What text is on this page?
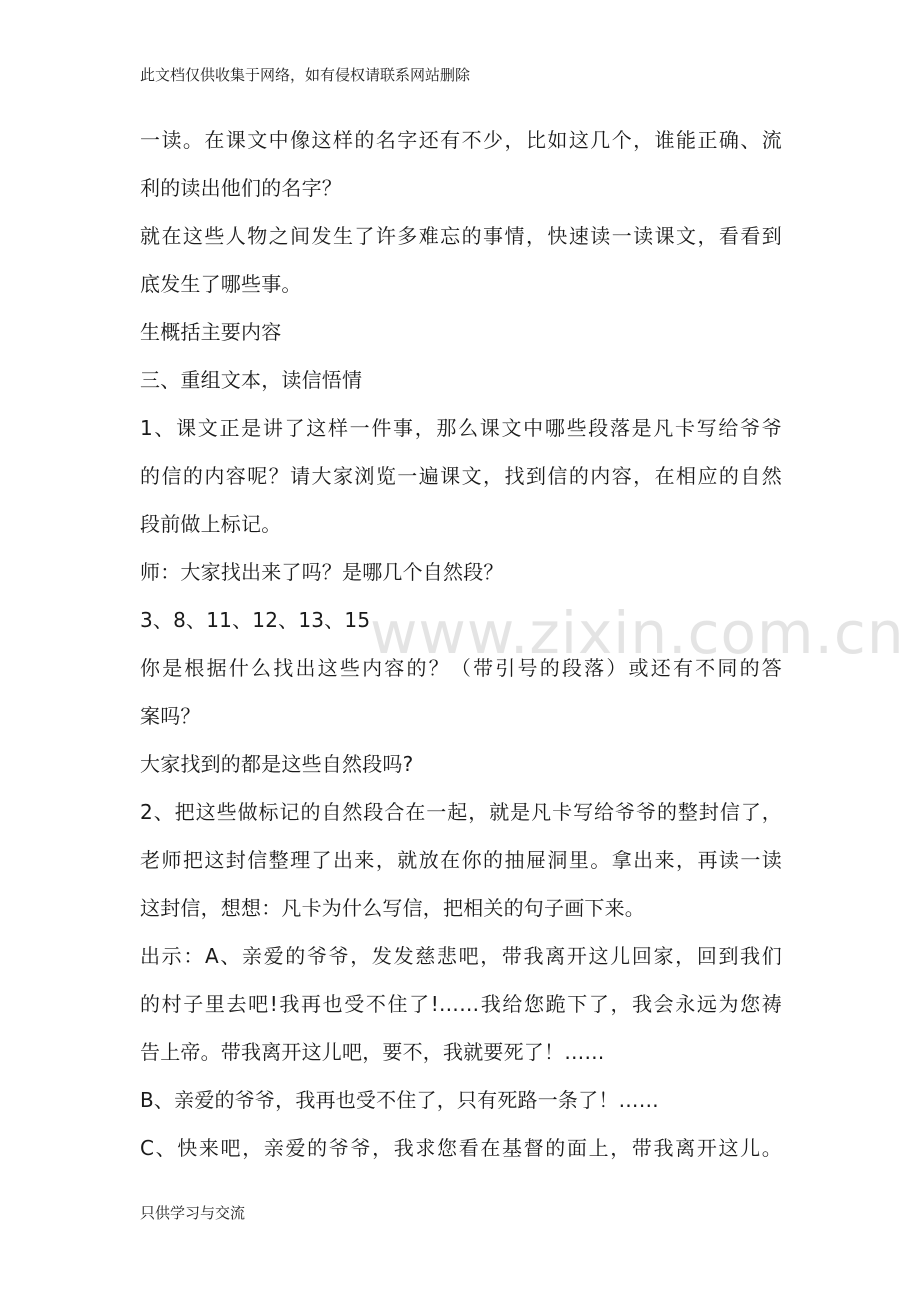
此文档仅供收集于网络，如有侵权请联系网站删除
一读。在课文中像这样的名字还有不少，比如这几个，谁能正确、流
利的读出他们的名字？
就在这些人物之间发生了许多难忘的事情，快速读一读课文，看看到
底发生了哪些事。
生概括主要内容
三、重组文本，读信悟情
1、课文正是讲了这样一件事，那么课文中哪些段落是凡卡写给爷爷
的信的内容呢？请大家浏览一遍课文，找到信的内容，在相应的自然
段前做上标记。
师：大家找出来了吗？是哪几个自然段？
3、8、11、12、13、15
你是根据什么找出这些内容的？（带引号的段落）或还有不同的答
案吗？
大家找到的都是这些自然段吗?
2、把这些做标记的自然段合在一起，就是凡卡写给爷爷的整封信了，
老师把这封信整理了出来，就放在你的抽屉洞里。拿出来，再读一读
这封信，想想：凡卡为什么写信，把相关的句子画下来。
出示：A、亲爱的爷爷，发发慈悲吧，带我离开这儿回家，回到我们
的村子里去吧!我再也受不住了!……我给您跪下了，我会永远为您祷
告上帝。带我离开这儿吧，要不，我就要死了！……
B、亲爱的爷爷，我再也受不住了，只有死路一条了！……
C、快来吧，亲爱的爷爷，我求您看在基督的面上，带我离开这儿。
www.zixin.com.cn
只供学习与交流
